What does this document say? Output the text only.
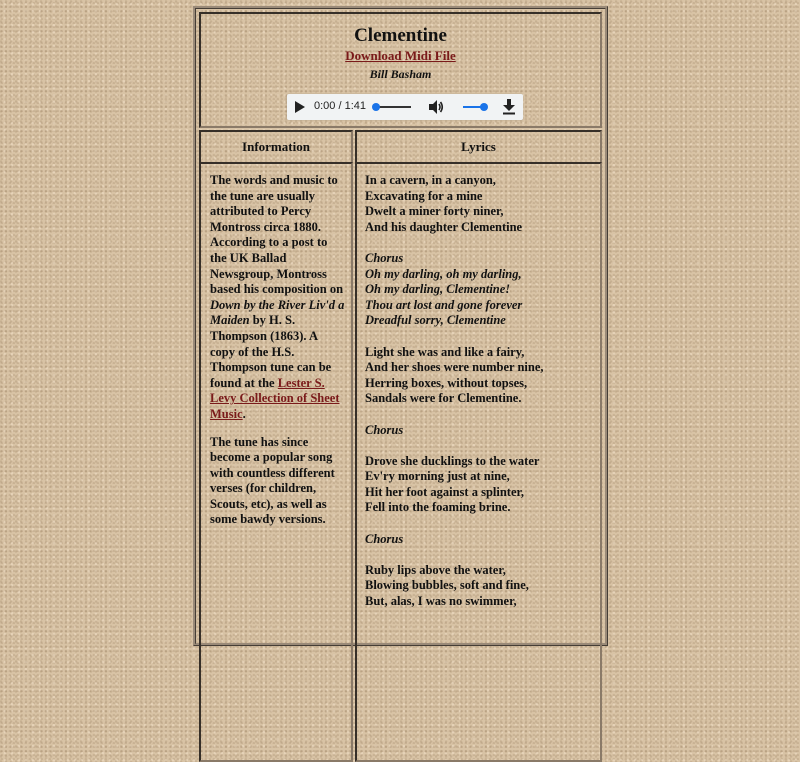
Clementine
Download Midi File
Bill Basham
0:00 / 1:41
Information	Lyrics

The words and music to the tune are usually attributed to Percy Montross circa 1880. According to a post to the UK Ballad Newsgroup, Montross based his composition on Down by the River Liv'd a Maiden by H. S. Thompson (1863). A copy of the H.S. Thompson tune can be found at the Lester S. Levy Collection of Sheet Music.

The tune has since become a popular song with countless different verses (for children, Scouts, etc), as well as some bawdy versions.

In a cavern, in a canyon,

Excavating for a mine

Dwelt a miner forty niner,

And his daughter Clementine

Chorus

Oh my darling, oh my darling,

Oh my darling, Clementine!

Thou art lost and gone forever

Dreadful sorry, Clementine

Light she was and like a fairy,

And her shoes were number nine,

Herring boxes, without topses,

Sandals were for Clementine.

Chorus

Drove she ducklings to the water

Ev'ry morning just at nine,

Hit her foot against a splinter,

Fell into the foaming brine.

Chorus

Ruby lips above the water,

Blowing bubbles, soft and fine,

But, alas, I was no swimmer,
